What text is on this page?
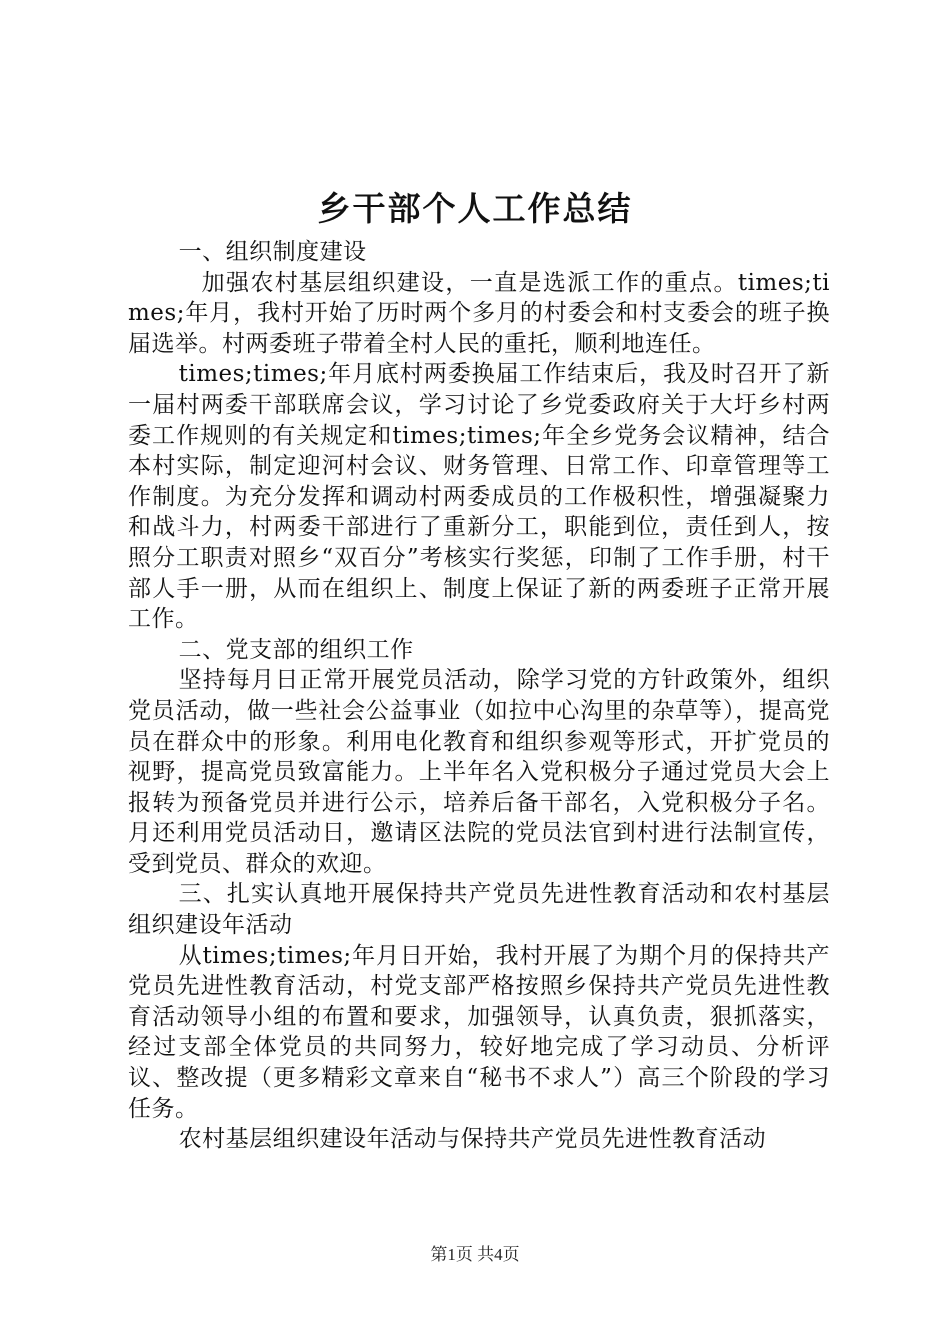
乡干部个人工作总结

一、组织制度建设

加强农村基层组织建设，一直是选派工作的重点。times;times;年月，我村开始了历时两个多月的村委会和村支委会的班子换届选举。村两委班子带着全村人民的重托，顺利地连任。

times;times;年月底村两委换届工作结束后，我及时召开了新一届村两委干部联席会议，学习讨论了乡党委政府关于大圩乡村两委工作规则的有关规定和times;times;年全乡党务会议精神，结合本村实际，制定迎河村会议、财务管理、日常工作、印章管理等工作制度。为充分发挥和调动村两委成员的工作极积性，增强凝聚力和战斗力，村两委干部进行了重新分工，职能到位，责任到人，按照分工职责对照乡“双百分”考核实行奖惩，印制了工作手册，村干部人手一册，从而在组织上、制度上保证了新的两委班子正常开展工作。

二、党支部的组织工作

坚持每月日正常开展党员活动，除学习党的方针政策外，组织党员活动，做一些社会公益事业（如拉中心沟里的杂草等），提高党员在群众中的形象。利用电化教育和组织参观等形式，开扩党员的视野，提高党员致富能力。上半年名入党积极分子通过党员大会上报转为预备党员并进行公示，培养后备干部名，入党积极分子名。月还利用党员活动日，邀请区法院的党员法官到村进行法制宣传，受到党员、群众的欢迎。

三、扎实认真地开展保持共产党员先进性教育活动和农村基层组织建设年活动

从times;times;年月日开始，我村开展了为期个月的保持共产党员先进性教育活动，村党支部严格按照乡保持共产党员先进性教育活动领导小组的布置和要求，加强领导，认真负责，狠抓落实，经过支部全体党员的共同努力，较好地完成了学习动员、分析评议、整改提（更多精彩文章来自“秘书不求人”）高三个阶段的学习任务。

农村基层组织建设年活动与保持共产党员先进性教育活动

第1页 共4页
